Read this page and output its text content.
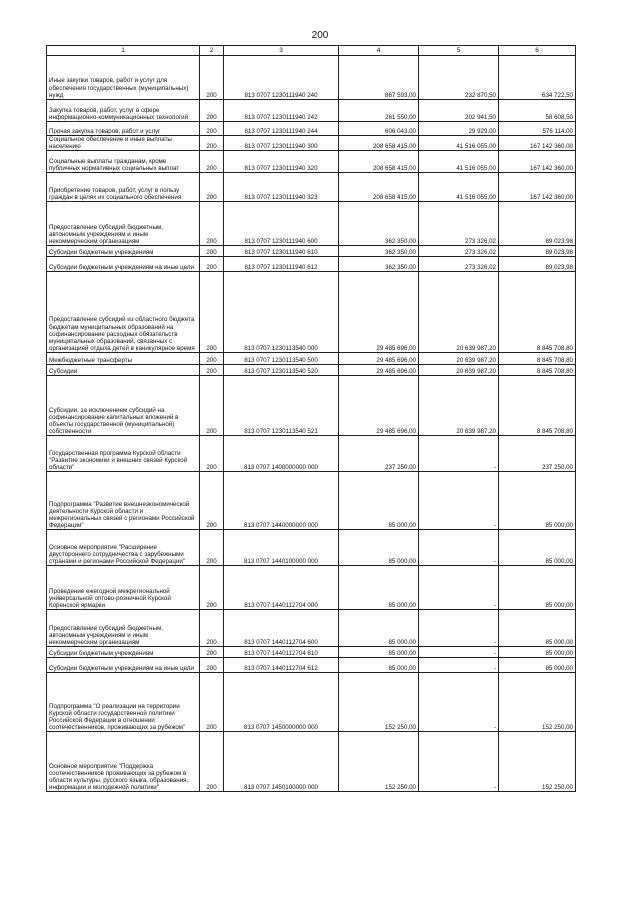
200
1	2	3	4	5	6
Иные закупки товаров, работ и услуг для обеспечения государственных (муниципальных) нужд	200	813 0707 1230111940 240	867 593,00	232 870,50	634 722,50
Закупка товаров, работ, услуг в сфере информационно-коммуникационных технологий	200	813 0707 1230111940 242	261 550,00	202 941,50	58 608,50
Прочая закупка товаров, работ и услуг	200	813 0707 1230111940 244	606 043,00	29 929,00	576 114,00
Социальное обеспечение и иные выплаты населению	200	813 0707 1230111940 300	208 658 415,00	41 516 055,00	167 142 360,00
Социальные выплаты гражданам, кроме публичных нормативных социальных выплат	200	813 0707 1230111940 320	208 658 415,00	41 516 055,00	167 142 360,00
Приобретение товаров, работ, услуг в пользу граждан в целях их социального обеспечения	200	813 0707 1230111940 323	208 658 415,00	41 516 055,00	167 142 360,00
Предоставление субсидий бюджетным, автономным учреждениям и иным некоммерческим организациям	200	813 0707 1230111940 600	362 350,00	273 326,02	89 023,98
Субсидии бюджетным учреждениям	200	813 0707 1230111940 610	362 350,00	273 326,02	89 023,98
Субсидии бюджетным учреждениям на иные цели	200	813 0707 1230111940 612	362 350,00	273 326,02	89 023,98
Предоставление субсидий из областного бюджета бюджетам муниципальных образований на софинансирование расходных обязательств муниципальных образований, связанных с организацией отдыха детей в каникулярное время	200	813 0707 1230113540 000	29 485 696,00	20 639 987,20	8 845 708,80
Межбюджетные трансферты	200	813 0707 1230113540 500	29 485 696,00	20 639 987,20	8 845 708,80
Субсидии	200	813 0707 1230113540 520	29 485 696,00	20 639 987,20	8 845 708,80
Субсидии, за исключением субсидий на софинансирование капитальных вложений в объекты государственной (муниципальной) собственности	200	813 0707 1230113540 521	29 485 696,00	20 639 987,20	8 845 708,80
Государственная программа Курской области "Развитие экономики и внешних связей Курской области"	200	813 0707 1400000000 000	237 250,00	-	237 250,00
Подпрограмма "Развитие внешнеэкономической деятельности Курской области и межрегиональных связей с регионами Российской Федерации"	200	813 0707 1440000000 000	85 000,00	-	85 000,00
Основное мероприятие "Расширение двустороннего сотрудничества с зарубежными странами и регионами Российской Федерации"	200	813 0707 1440100000 000	85 000,00	-	85 000,00
Проведение ежегодной межрегиональной универсальной оптово-розничной Курской Коренской ярмарки	200	813 0707 1440112704 000	85 000,00	-	85 000,00
Предоставление субсидий бюджетным, автономным учреждениям и иным некоммерческим организациям	200	813 0707 1440112704 600	85 000,00	-	85 000,00
Субсидии бюджетным учреждениям	200	813 0707 1440112704 610	85 000,00	-	85 000,00
Субсидии бюджетным учреждениям на иные цели	200	813 0707 1440112704 612	85 000,00	-	85 000,00
Подпрограмма "О реализации на территории Курской области государственной политики Российской Федерации в отношении соотечественников, проживающих за рубежом"	200	813 0707 1450000000 000	152 250,00	-	152 250,00
Основное мероприятие "Поддержка соотечественников проживающих за рубежом в области культуры, русского языка, образования, информации и молодежной политики"	200	813 0707 1450100000 000	152 250,00	-	152 250,00
